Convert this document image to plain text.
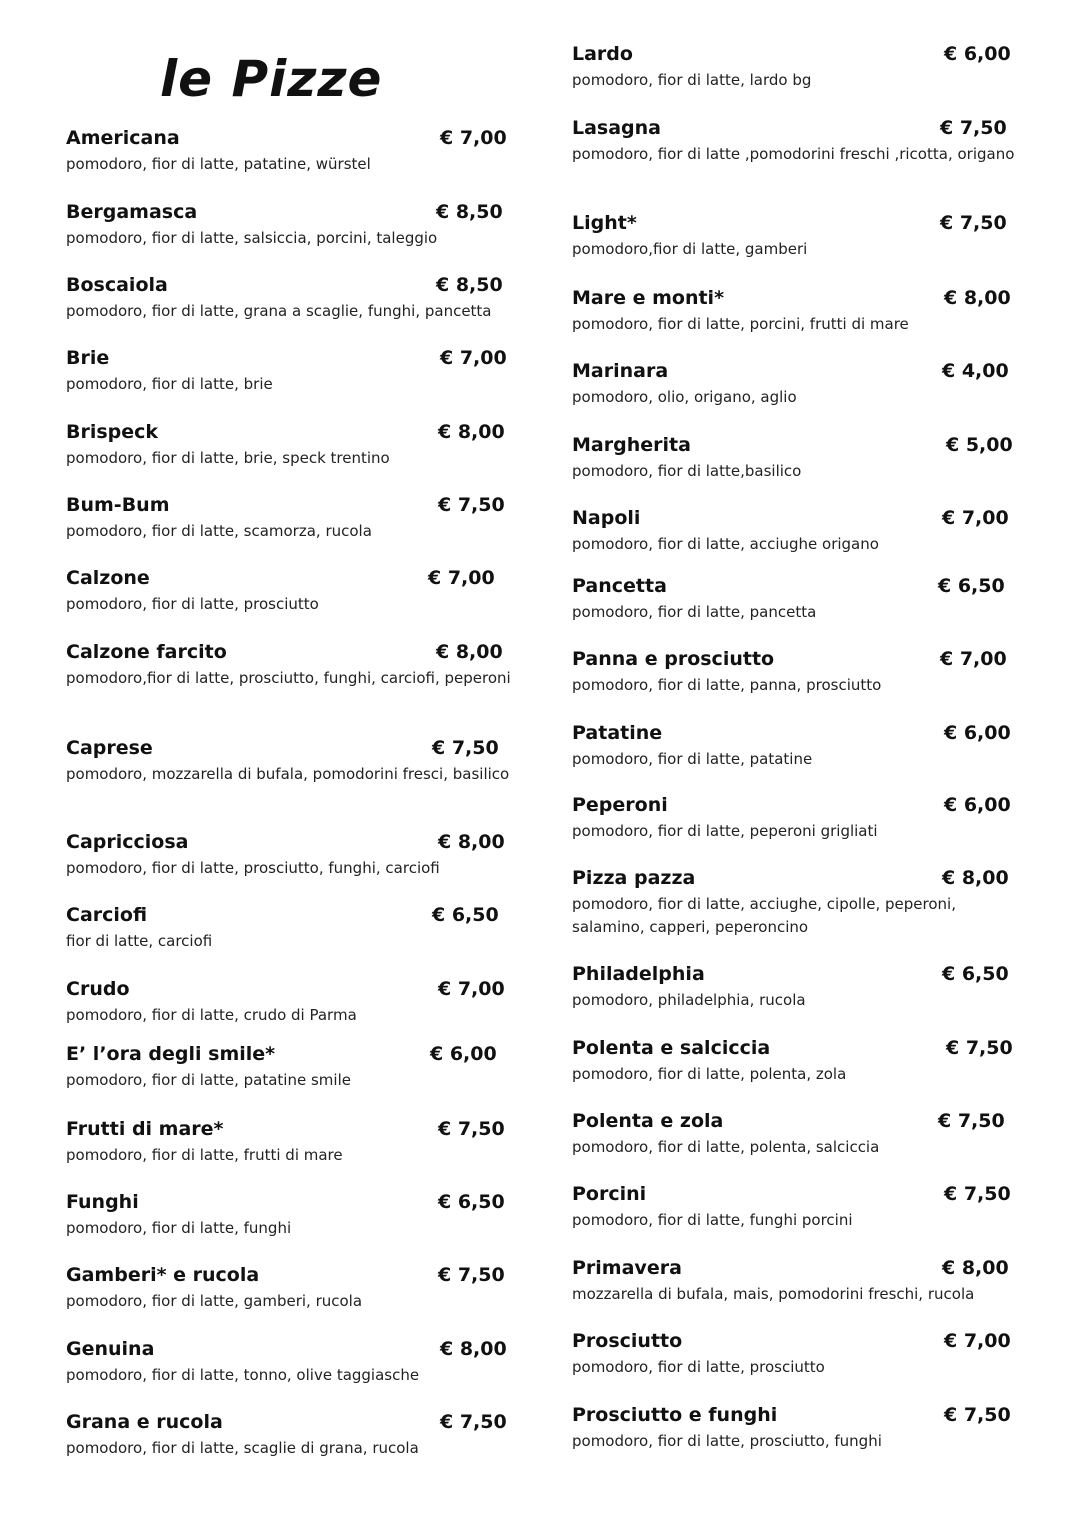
le Pizze
Americana	€ 7,00
pomodoro, fior di latte, patatine, würstel
Bergamasca	€ 8,50
pomodoro, fior di latte, salsiccia, porcini, taleggio
Boscaiola	€ 8,50
pomodoro, fior di latte, grana a scaglie, funghi, pancetta
Brie	€ 7,00
pomodoro, fior di latte, brie
Brispeck	€ 8,00
pomodoro, fior di latte, brie, speck trentino
Bum-Bum	€ 7,50
pomodoro, fior di latte, scamorza, rucola
Calzone	€ 7,00
pomodoro, fior di latte, prosciutto
Calzone farcito	€ 8,00
pomodoro,fior di latte, prosciutto, funghi, carciofi, peperoni
Caprese	€ 7,50
pomodoro, mozzarella di bufala, pomodorini fresci, basilico
Capricciosa	€ 8,00
pomodoro, fior di latte, prosciutto, funghi, carciofi
Carciofi	€ 6,50
fior di latte, carciofi
Crudo	€ 7,00
pomodoro, fior di latte, crudo di Parma
E’ l’ora degli smile*	€ 6,00
pomodoro, fior di latte, patatine smile
Frutti di mare*	€ 7,50
pomodoro, fior di latte, frutti di mare
Funghi	€ 6,50
pomodoro, fior di latte, funghi
Gamberi* e rucola	€ 7,50
pomodoro, fior di latte, gamberi, rucola
Genuina	€ 8,00
pomodoro, fior di latte, tonno, olive taggiasche
Grana e rucola	€ 7,50
pomodoro, fior di latte, scaglie di grana, rucola
Lardo	€ 6,00
pomodoro, fior di latte, lardo bg
Lasagna	€ 7,50
pomodoro, fior di latte ,pomodorini freschi ,ricotta, origano
Light*	€ 7,50
pomodoro,fior di latte, gamberi
Mare e monti*	€ 8,00
pomodoro, fior di latte, porcini, frutti di mare
Marinara	€ 4,00
pomodoro, olio, origano, aglio
Margherita	€ 5,00
pomodoro, fior di latte,basilico
Napoli	€ 7,00
pomodoro, fior di latte, acciughe origano
Pancetta	€ 6,50
pomodoro, fior di latte, pancetta
Panna e prosciutto	€ 7,00
pomodoro, fior di latte, panna, prosciutto
Patatine	€ 6,00
pomodoro, fior di latte, patatine
Peperoni	€ 6,00
pomodoro, fior di latte, peperoni grigliati
Pizza pazza	€ 8,00
pomodoro, fior di latte, acciughe, cipolle, peperoni, salamino, capperi, peperoncino
Philadelphia	€ 6,50
pomodoro, philadelphia, rucola
Polenta e salciccia	€ 7,50
pomodoro, fior di latte, polenta, zola
Polenta e zola	€ 7,50
pomodoro, fior di latte, polenta, salciccia
Porcini	€ 7,50
pomodoro, fior di latte, funghi porcini
Primavera	€ 8,00
mozzarella di bufala, mais, pomodorini freschi, rucola
Prosciutto	€ 7,00
pomodoro, fior di latte, prosciutto
Prosciutto e funghi	€ 7,50
pomodoro, fior di latte, prosciutto, funghi
